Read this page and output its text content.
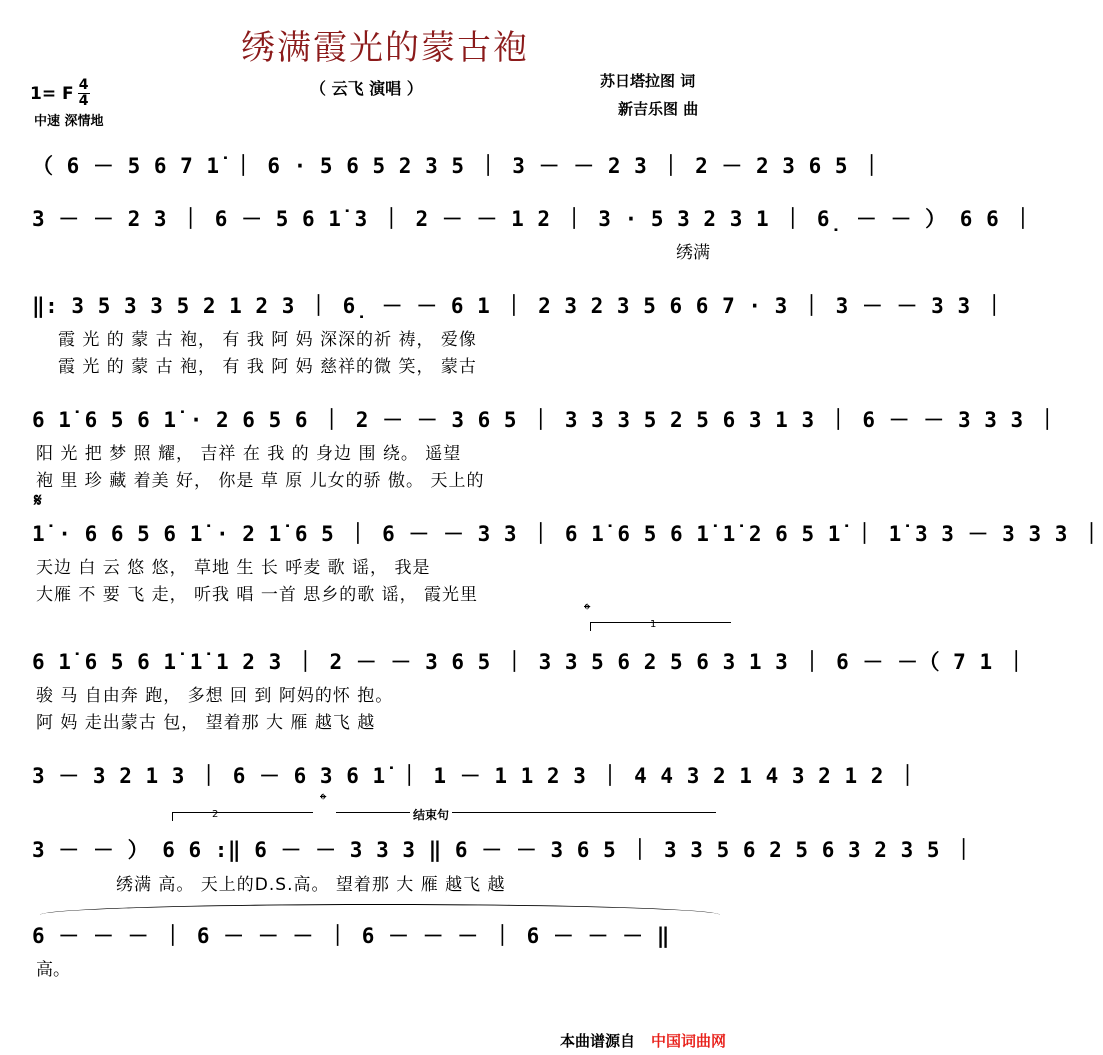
绣满霞光的蒙古袍
（ 云飞 演唱 ）	苏日塔拉图 词
新吉乐图 曲
1= F $\frac{4}{4}$
中速 深情地
（ 6 － 5 6 7 1̇ ｜ 6 · 5 6 5 2 3 5 ｜ 3 － － 2 3 ｜ 2 － 2 3 6 5 ｜
3 － － 2 3 ｜ 6 － 5 6 1̇ 3 ｜ 2 － － 1 2 ｜ 3 · 5 3 2 3 1 ｜ 6̣ － － ） 6 6 ｜
绣满
‖: 3 5 3 3 5 2 1 2 3 ｜ 6̣ － － 6 1 ｜ 2 3 2 3 5 6 6 7 · 3 ｜ 3 － － 3 3 ｜
霞 光 的 蒙 古 袍， 有 我 阿 妈 深深的祈 祷， 爱像
霞 光 的 蒙 古 袍， 有 我 阿 妈 慈祥的微 笑， 蒙古
6 1̇ 6 5 6 1̇ · 2 6 5 6 ｜ 2 － － 3 6 5 ｜ 3 3 3 5 2 5 6 3 1 3 ｜ 6 － － 3 3 3 ｜
阳 光 把 梦 照 耀， 吉祥 在 我 的 身边 围 绕。 遥望
袍 里 珍 藏 着美 好， 你是 草 原 儿女的骄 傲。 天上的
𝄋
1̇ · 6 6 5 6 1̇ · 2 1̇ 6 5 ｜ 6 － － 3 3 ｜ 6 1̇ 6 5 6 1̇ 1̇ 2 6 5 1̇ ｜ 1̇ 3 3 － 3 3 3 ｜
天边 白 云 悠 悠， 草地 生 长 呼麦 歌 谣， 我是
大雁 不 要 飞 走， 听我 唱 一首 思乡的歌 谣， 霞光里
𝄌
1
6 1̇ 6 5 6 1̇ 1̇ 1 2 3 ｜ 2 － － 3 6 5 ｜ 3 3 5 6 2 5 6 3 1 3 ｜ 6 － －（ 7 1 ｜
骏 马 自由奔 跑， 多想 回 到 阿妈的怀 抱。
阿 妈 走出蒙古 包， 望着那 大 雁 越飞 越
3 － 3 2 1 3 ｜ 6 － 6 3 6 1̇ ｜ 1 － 1 1 2 3 ｜ 4 4 3 2 1 4 3 2 1 2 ｜
2
𝄌
结束句
3 － － ） 6 6 :‖ 6 － － 3 3 3 ‖ 6 － － 3 6 5 ｜ 3 3 5 6 2 5 6 3 2 3 5 ｜
绣满 高。 天上的D.S.高。 望着那 大 雁 越飞 越
6 － － － ｜ 6 － － － ｜ 6 － － － ｜ 6 － － － ‖
高。
本曲谱源自 中国词曲网
